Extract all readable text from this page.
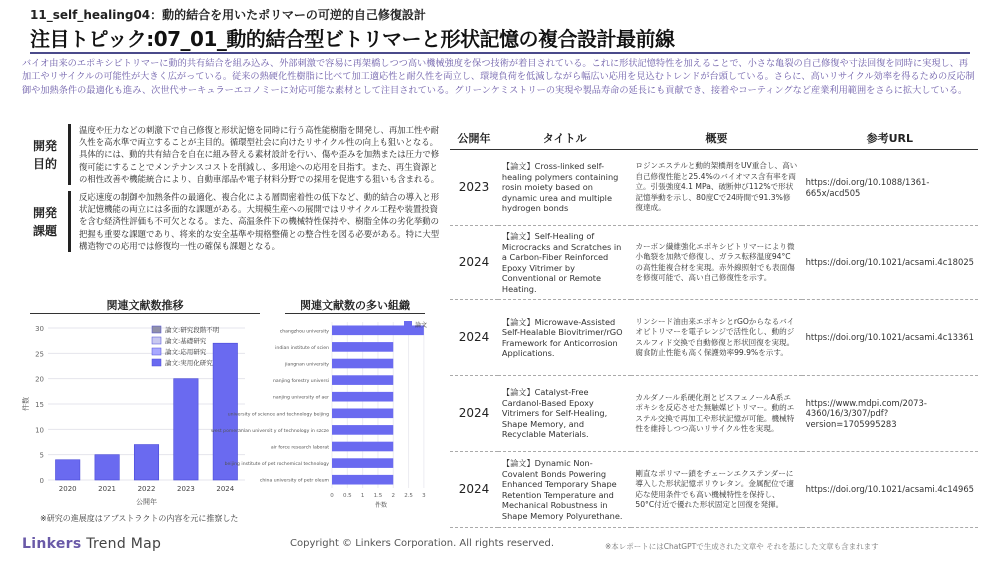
11_self_healing04：動的結合を用いたポリマーの可逆的自己修復設計
注目トピック:07_01_動的結合型ビトリマーと形状記憶の複合設計最前線
バイオ由来のエポキシビトリマーに動的共有結合を組み込み、外部刺激で容易に再架橋しつつ高い機械強度を保つ技術が着目されている。これに形状記憶特性を加えることで、小さな亀裂の自己修復や寸法回復を同時に実現し、再加工やリサイクルの可能性が大きく広がっている。従来の熱硬化性樹脂に比べて加工適応性と耐久性を両立し、環境負荷を低減しながら幅広い応用を見込むトレンドが台頭している。さらに、高いリサイクル効率を得るための反応制御や加熱条件の最適化も進み、次世代サーキュラーエコノミーに対応可能な素材として注目されている。グリーンケミストリーの実現や製品寿命の延長にも貢献でき、接着やコーティングなど産業利用範囲をさらに拡大している。
開発
目的
温度や圧力などの刺激下で自己修復と形状記憶を同時に行う高性能樹脂を開発し、再加工性や耐久性を高水準で両立することが主目的。循環型社会に向けたリサイクル性の向上も狙いとなる。具体的には、動的共有結合を自在に組み替える素材設計を行い、傷や歪みを加熱または圧力で修復可能にすることでメンテナンスコストを削減し、多用途への応用を目指す。また、再生資源との相性改善や機能統合により、自動車部品や電子材料分野での採用を促進する狙いも含まれる。
開発
課題
反応速度の制御や加熱条件の最適化、複合化による層間密着性の低下など、動的結合の導入と形状記憶機能の両立には多面的な課題がある。大規模生産への展開ではリサイクル工程や装置投資を含む経済性評価も不可欠となる。また、高温条件下の機械特性保持や、樹脂全体の劣化挙動の把握も重要な課題であり、将来的な安全基準や規格整備との整合性を図る必要がある。特に大型構造物での応用では修復均一性の確保も課題となる。
関連文献数推移	関連文献数の多い組織
0
5
10
15
20
25
30
2020	2021	2022	2023	2024
公開年
件数
論文:研究段階不明
論文:基礎研究
論文:応用研究
論文:実用化研究
0 0.5 1 1.5 2 2.5 3
changzhou university
indian institute of scien
jiangnan university
nanjing forestry universi
nanjing university of aer
university of science and technology beijing
west pomeranian universit y of technology in szcze
air force research laborat
beijing institute of pet rochemical technology
china university of petr oleum
件数
論文
※研究の進展度はアブストラクトの内容を元に推察した
公開年	タイトル	概要	参考URL
2023	【論文】Cross-linked self-healing polymers containing rosin moiety based on dynamic urea and multiple hydrogen bonds	ロジンエステルと動的架橋剤をUV重合し、高い自己修復性能と25.4%のバイオマス含有率を両立。引張強度4.1 MPa、破断伸び112%で形状記憶挙動を示し、80度Cで24時間で91.3%修復達成。	https://doi.org/10.1088/1361-665x/acd505
2024	【論文】Self-Healing of Microcracks and Scratches in a Carbon-Fiber Reinforced Epoxy Vitrimer by Conventional or Remote Heating.	カーボン繊維強化エポキシビトリマーにより微小亀裂を加熱で修復し、ガラス転移温度94°Cの高性能複合材を実現。赤外線照射でも表面傷を修復可能で、高い自己修復性を示す。	https://doi.org/10.1021/acsami.4c18025
2024	【論文】Microwave-Assisted Self-Healable Biovitrimer/rGO Framework for Anticorrosion Applications.	リンシード油由来エポキシとrGOからなるバイオビトリマーを電子レンジで活性化し、動的ジスルフィド交換で自動修復と形状回復を実現。腐食防止性能も高く保護効率99.9%を示す。	https://doi.org/10.1021/acsami.4c13361
2024	【論文】Catalyst-Free Cardanol-Based Epoxy Vitrimers for Self-Healing, Shape Memory, and Recyclable Materials.	カルダノール系硬化剤とビスフェノールA系エポキシを反応させた無触媒ビトリマー。動的エステル交換で再加工や形状記憶が可能。機械特性を維持しつつ高いリサイクル性を実現。	https://www.mdpi.com/2073-4360/16/3/307/pdf?version=1705995283
2024	【論文】Dynamic Non-Covalent Bonds Powering Enhanced Temporary Shape Retention Temperature and Mechanical Robustness in Shape Memory Polyurethane.	剛直なポリマー鎖をチェーンエクステンダーに導入した形状記憶ポリウレタン。金属配位で適応な使用条件でも高い機械特性を保持し、50°C付近で優れた形状固定と回復を発揮。	https://doi.org/10.1021/acsami.4c14965
Linkers Trend Map	Copyright © Linkers Corporation. All rights reserved.	※本レポートにはChatGPTで生成された文章や それを基にした文章も含まれます
